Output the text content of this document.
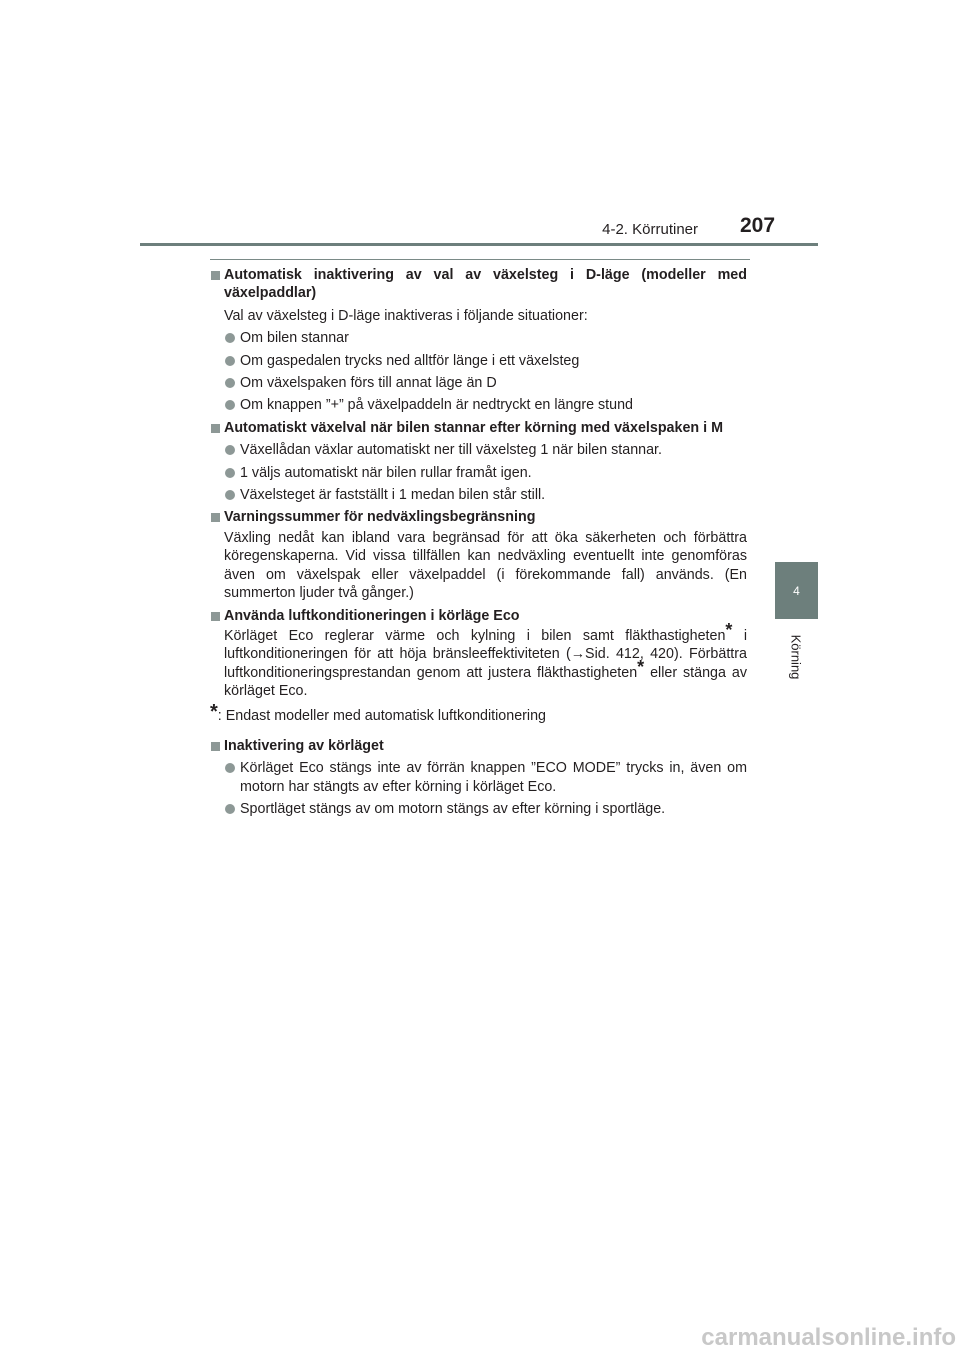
4-2. Körrutiner 207
4
Körning
Automatisk inaktivering av val av växelsteg i D-läge (modeller med växelpaddlar)
Val av växelsteg i D-läge inaktiveras i följande situationer:
Om bilen stannar
Om gaspedalen trycks ned alltför länge i ett växelsteg
Om växelspaken förs till annat läge än D
Om knappen ”+” på växelpaddeln är nedtryckt en längre stund
Automatiskt växelval när bilen stannar efter körning med växelspaken i M
Växellådan växlar automatiskt ner till växelsteg 1 när bilen stannar.
1 väljs automatiskt när bilen rullar framåt igen.
Växelsteget är fastställt i 1 medan bilen står still.
Varningssummer för nedväxlingsbegränsning
Växling nedåt kan ibland vara begränsad för att öka säkerheten och förbättra köregenskaperna. Vid vissa tillfällen kan nedväxling eventuellt inte genomföras även om växelspak eller växelpaddel (i förekommande fall) används. (En summerton ljuder två gånger.)
Använda luftkonditioneringen i körläge Eco
Körläget Eco reglerar värme och kylning i bilen samt fläkthastigheten* i luftkonditioneringen för att höja bränsleeffektiviteten (→Sid. 412, 420). Förbättra luftkonditioneringsprestandan genom att justera fläkthastigheten* eller stänga av körläget Eco.
*: Endast modeller med automatisk luftkonditionering
Inaktivering av körläget
Körläget Eco stängs inte av förrän knappen ”ECO MODE” trycks in, även om motorn har stängts av efter körning i körläget Eco.
Sportläget stängs av om motorn stängs av efter körning i sportläge.
carmanualsonline.info
